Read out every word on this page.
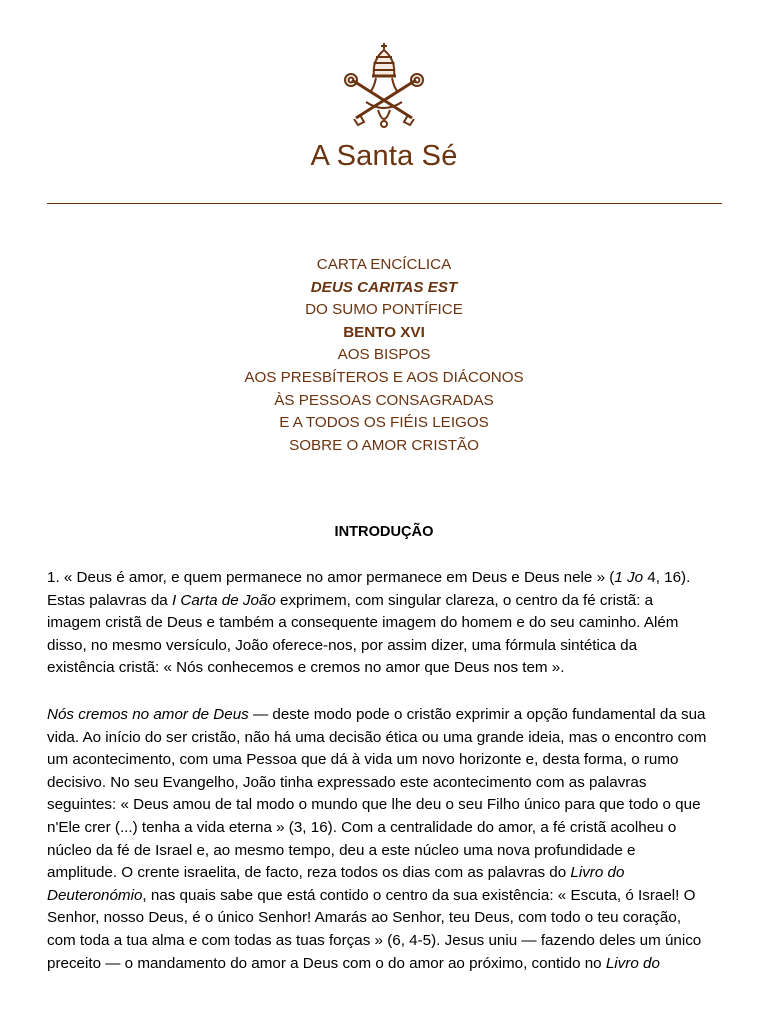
A Santa Sé
CARTA ENCÍCLICA
DEUS CARITAS EST
DO SUMO PONTÍFICE
BENTO XVI
AOS BISPOS
AOS PRESBÍTEROS E AOS DIÁCONOS
ÀS PESSOAS CONSAGRADAS
E A TODOS OS FIÉIS LEIGOS
SOBRE O AMOR CRISTÃO
INTRODUÇÃO
1. « Deus é amor, e quem permanece no amor permanece em Deus e Deus nele » (1 Jo 4, 16).
Estas palavras da I Carta de João exprimem, com singular clareza, o centro da fé cristã: a
imagem cristã de Deus e também a consequente imagem do homem e do seu caminho. Além
disso, no mesmo versículo, João oferece-nos, por assim dizer, uma fórmula sintética da
existência cristã: « Nós conhecemos e cremos no amor que Deus nos tem ».
Nós cremos no amor de Deus — deste modo pode o cristão exprimir a opção fundamental da sua
vida. Ao início do ser cristão, não há uma decisão ética ou uma grande ideia, mas o encontro com
um acontecimento, com uma Pessoa que dá à vida um novo horizonte e, desta forma, o rumo
decisivo. No seu Evangelho, João tinha expressado este acontecimento com as palavras
seguintes: « Deus amou de tal modo o mundo que lhe deu o seu Filho único para que todo o que
n'Ele crer (...) tenha a vida eterna » (3, 16). Com a centralidade do amor, a fé cristã acolheu o
núcleo da fé de Israel e, ao mesmo tempo, deu a este núcleo uma nova profundidade e
amplitude. O crente israelita, de facto, reza todos os dias com as palavras do Livro do
Deuteronómio, nas quais sabe que está contido o centro da sua existência: « Escuta, ó Israel! O
Senhor, nosso Deus, é o único Senhor! Amarás ao Senhor, teu Deus, com todo o teu coração,
com toda a tua alma e com todas as tuas forças » (6, 4-5). Jesus uniu — fazendo deles um único
preceito — o mandamento do amor a Deus com o do amor ao próximo, contido no Livro do
